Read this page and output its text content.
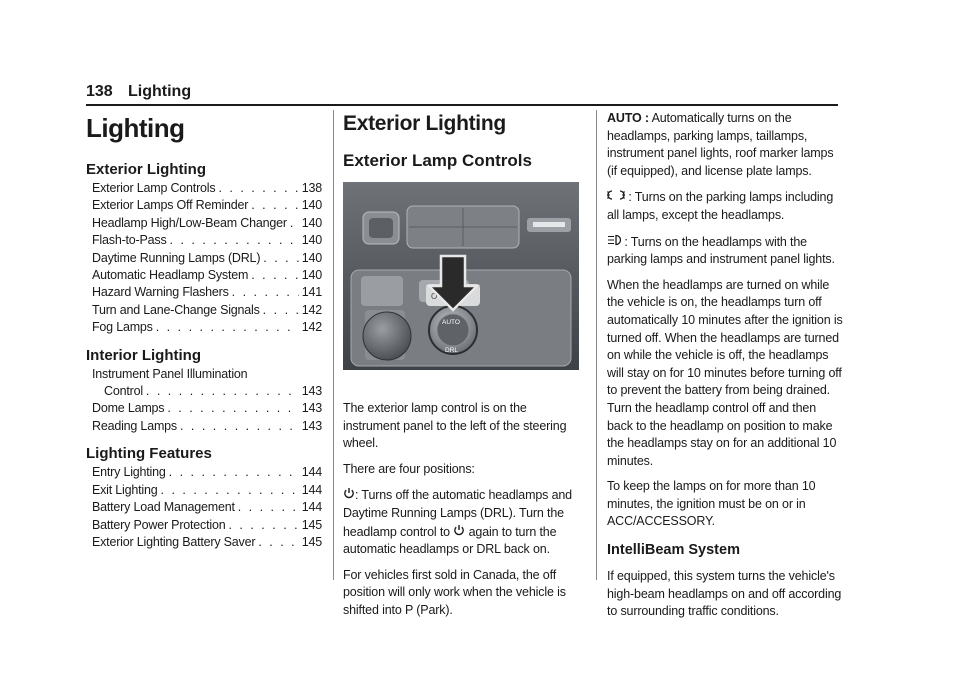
138 Lighting
Lighting
Exterior Lighting
Exterior Lamp Controls . . .	138
Exterior Lamps Off Reminder . . .	140
Headlamp High/Low-Beam Changer . . . 140
Flash-to-Pass . . .	140
Daytime Running Lamps (DRL) . . .	140
Automatic Headlamp System . . .	140
Hazard Warning Flashers . . .	141
Turn and Lane-Change Signals . . .	142
Fog Lamps . . .	142
Interior Lighting
Instrument Panel Illumination
Control . . .	143
Dome Lamps . . .	143
Reading Lamps . . .	143
Lighting Features
Entry Lighting . . .	144
Exit Lighting . . .	144
Battery Load Management . . .	144
Battery Power Protection . . .	145
Exterior Lighting Battery Saver . . .	145
Exterior Lighting
Exterior Lamp Controls
O
AUTO
DRL

The exterior lamp control is on the instrument panel to the left of the steering wheel.

There are four positions:

: Turns off the automatic headlamps and Daytime Running Lamps (DRL). Turn the headlamp control to  again to turn the automatic headlamps or DRL back on.

For vehicles first sold in Canada, the off position will only work when the vehicle is shifted into P (Park).

AUTO : Automatically turns on the headlamps, parking lamps, taillamps, instrument panel lights, roof marker lamps (if equipped), and license plate lamps.

: Turns on the parking lamps including all lamps, except the headlamps.

: Turns on the headlamps with the parking lamps and instrument panel lights.

When the headlamps are turned on while the vehicle is on, the headlamps turn off automatically 10 minutes after the ignition is turned off. When the headlamps are turned on while the vehicle is off, the headlamps will stay on for 10 minutes before turning off to prevent the battery from being drained. Turn the headlamp control off and then back to the headlamp on position to make the headlamps stay on for an additional 10 minutes.

To keep the lamps on for more than 10 minutes, the ignition must be on or in ACC/ACCESSORY.

IntelliBeam System

If equipped, this system turns the vehicle's high-beam headlamps on and off according to surrounding traffic conditions.
